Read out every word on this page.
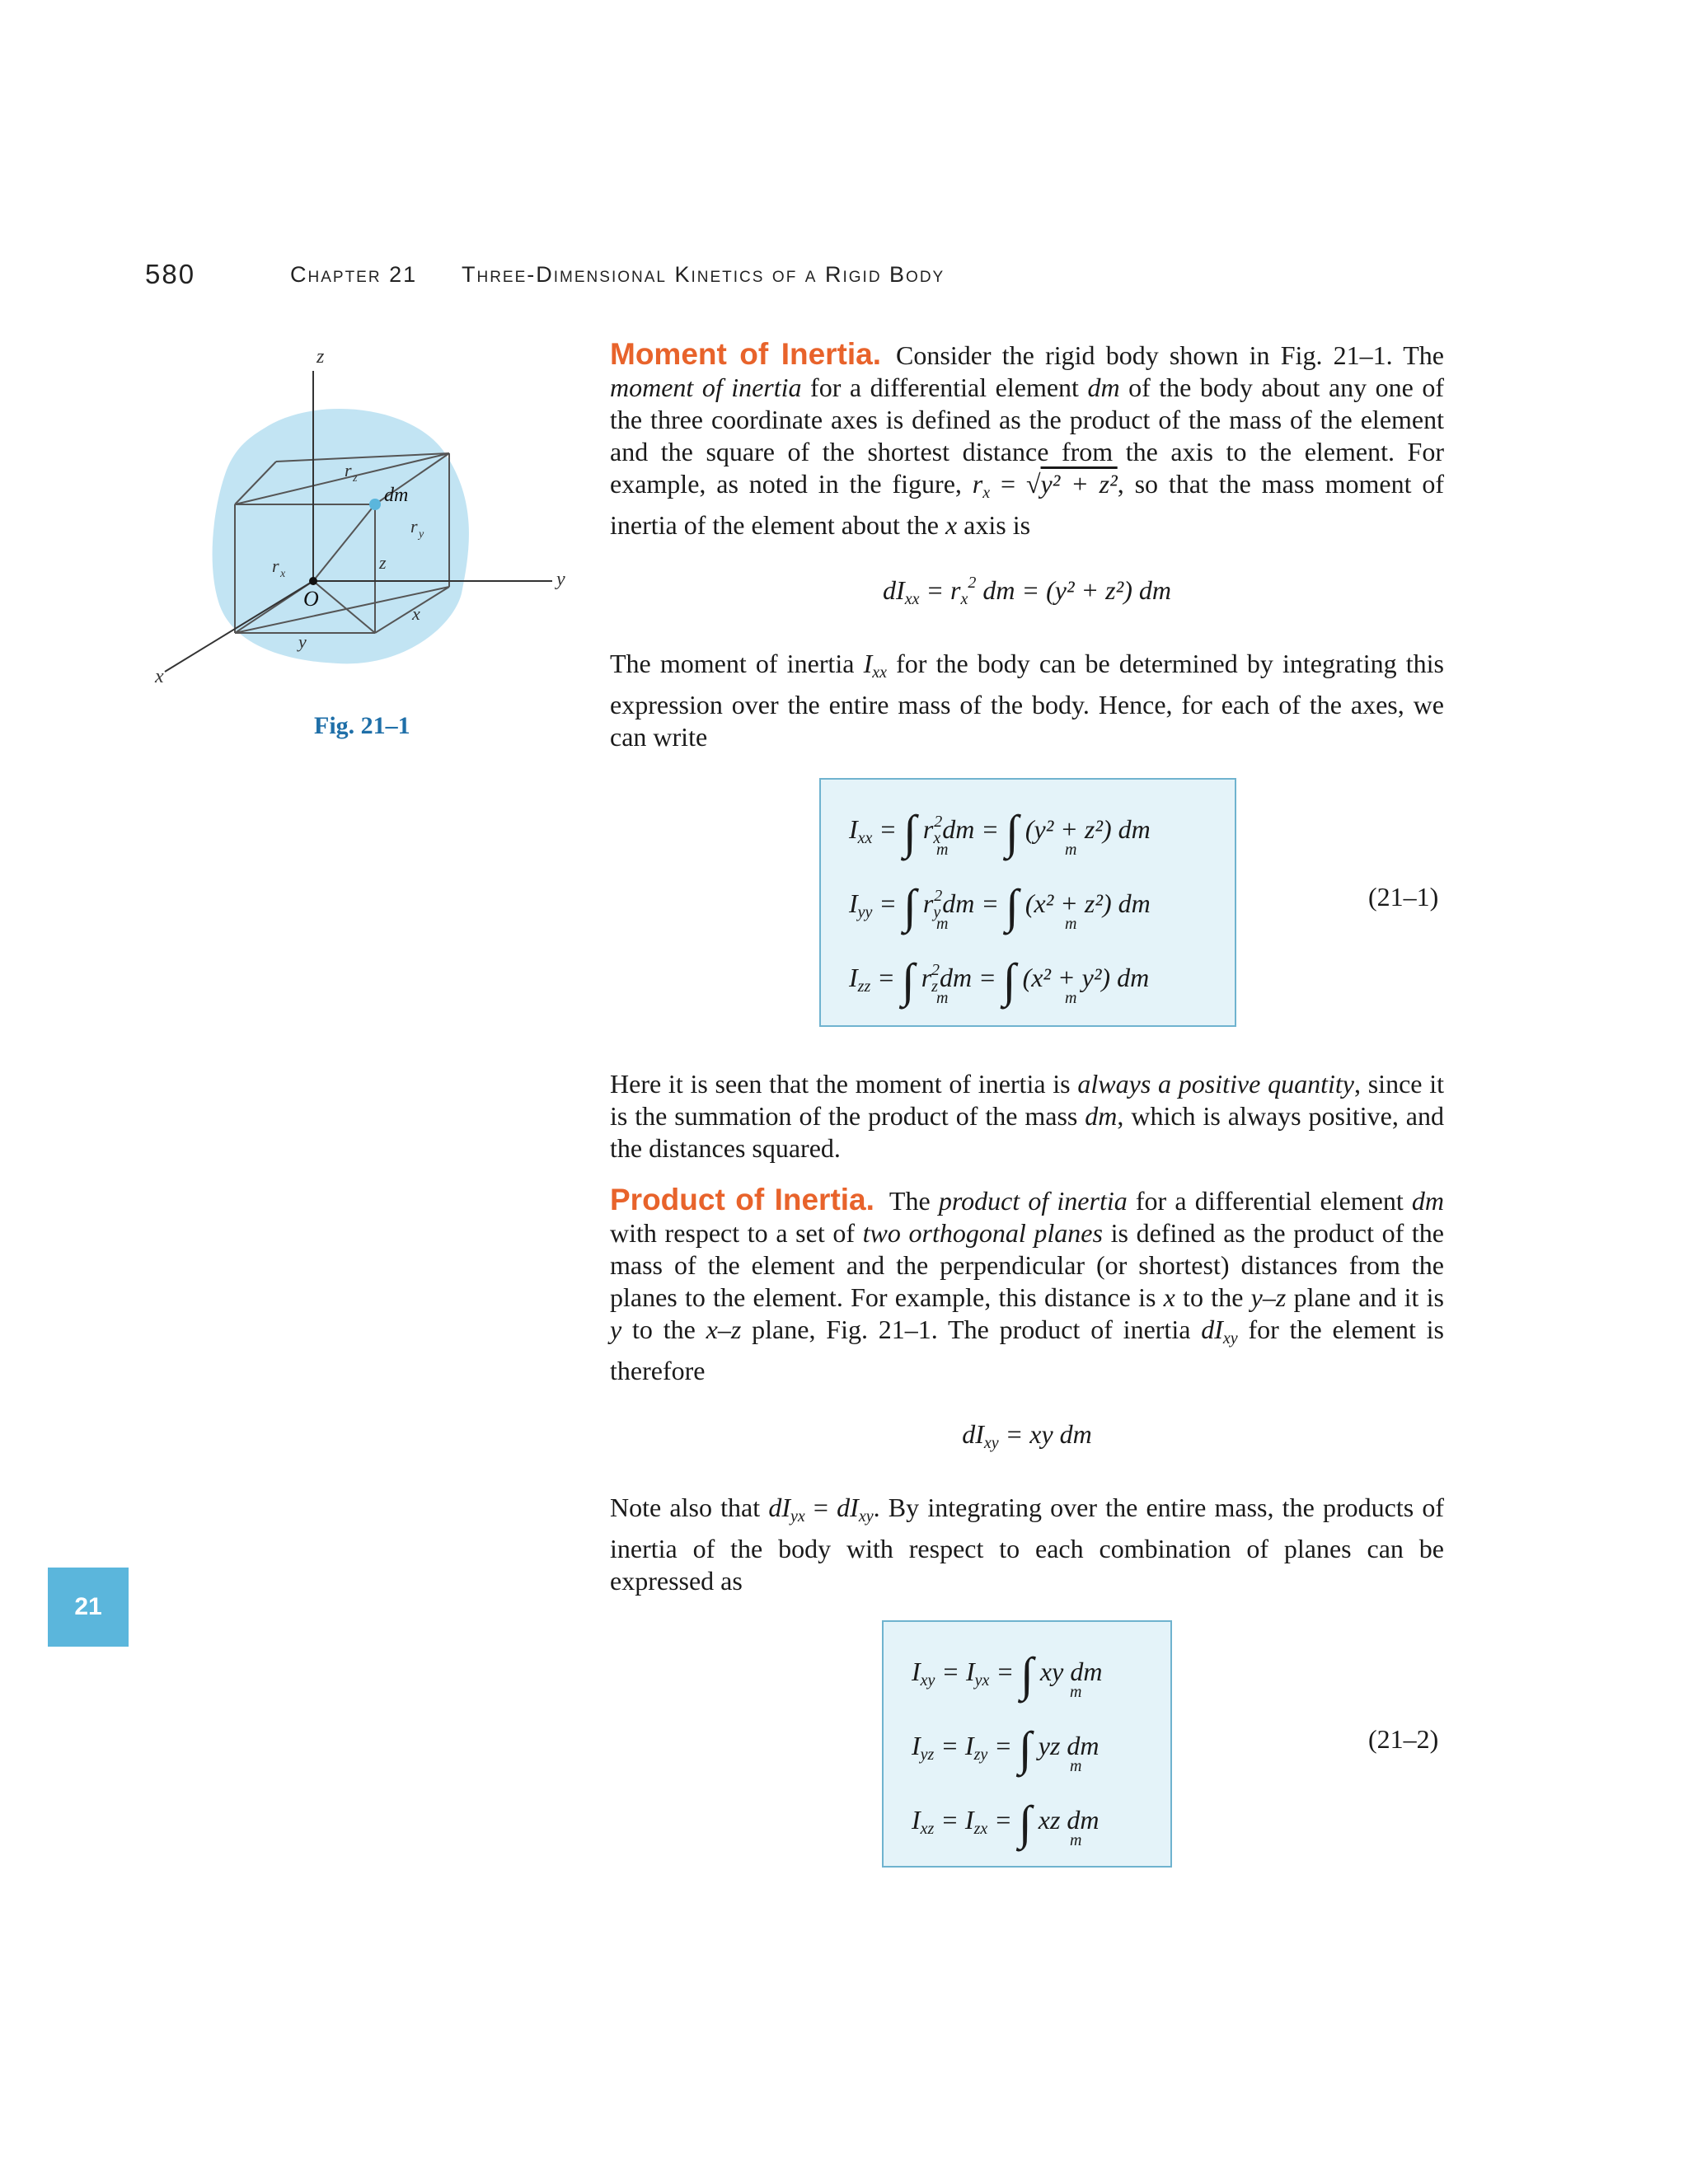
580	Chapter 21 Three-Dimensional Kinetics of a Rigid Body
z
y
x
O
dm
r z
r y
r x
z
x
y
Fig. 21–1
21

Moment of Inertia. Consider the rigid body shown in Fig. 21–1. The moment of inertia for a differential element dm of the body about any one of the three coordinate axes is defined as the product of the mass of the element and the square of the shortest distance from the axis to the element. For example, as noted in the figure, $r_x = √y^2 + z^2$, so that the mass moment of inertia of the element about the x axis is

$dI_{xx} = r_x^2$ dm = (y² + z²) dm

The moment of inertia $I_{xx}$ for the body can be determined by integrating this expression over the entire mass of the body. Hence, for each of the axes, we can write

$I_{xx}$ = ∫ $r_x^2dm$ = ∫ (y² + z²) dm
m	m
$I_{yy}$ = ∫ $r_y^2dm$ = ∫ (x² + z²) dm
m	m
$I_{zz}$ = ∫ $r_z^2dm$ = ∫ (x² + y²) dm
m	m
(21–1)

Here it is seen that the moment of inertia is always a positive quantity, since it is the summation of the product of the mass dm, which is always positive, and the distances squared.

Product of Inertia. The product of inertia for a differential element dm with respect to a set of two orthogonal planes is defined as the product of the mass of the element and the perpendicular (or shortest) distances from the planes to the element. For example, this distance is x to the y–z plane and it is y to the x–z plane, Fig. 21–1. The product of inertia $dI_{xy}$ for the element is therefore

$dI_{xy}$ = xy dm

Note also that $dI_{yx} = dI_{xy}$. By integrating over the entire mass, the products of inertia of the body with respect to each combination of planes can be expressed as

$I_{xy} = I_{yx}$ = ∫ xy dm
m
$I_{yz} = I_{zy}$ = ∫ yz dm
m
$I_{xz} = I_{zx}$ = ∫ xz dm
m
(21–2)
